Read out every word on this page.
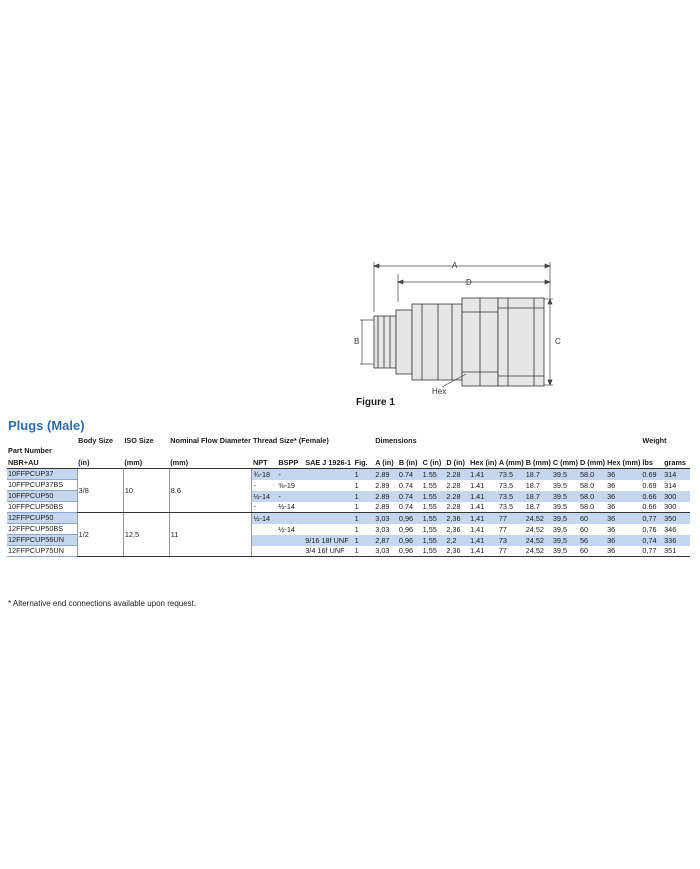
A
D
B	C
Hex
Figure 1
Plugs (Male)
	Body Size	ISO Size	Nominal Flow Diameter	Thread Size* (Female)				Dimensions										Weight	
Part Number																			
NBR+AU	(in)	(mm)	(mm)	NPT	BSPP	SAE J 1926-1	Fig.	A (in)	B (in)	C (in)	D (in)	Hex (in)	A (mm)	B (mm)	C (mm)	D (mm)	Hex (mm)	lbs	grams
10FFPCUP37	3/8	10	8.6	¾-18	-		1	2.89	0.74	1.55	2.28	1.41	73.5	18.7	39.5	58.0	36	0.69	314
10FFPCUP37BS				-	⅜-19		1	2.89	0.74	1.55	2.28	1.41	73.5	18.7	39.5	58.0	36	0.69	314
10FFPCUP50				½-14	-		1	2.89	0.74	1.55	2.28	1.41	73.5	18.7	39.5	58.0	36	0.66	300
10FFPCUP50BS				-	½-14		1	2.89	0.74	1.55	2.28	1.41	73.5	18.7	39.5	58.0	36	0.66	300
12FFPCUP50	1/2	12,5	11	½-14			1	3,03	0,96	1,55	2,36	1,41	77	24,52	39,5	60	36	0,77	350
12FFPCUP50BS					½-14		1	3,03	0,96	1,55	2,36	1,41	77	24,52	39,5	60	36	0,76	346
12FFPCUP56UN						9/16 18f UNF	1	2,87	0,96	1,55	2,2	1,41	73	24,52	39,5	56	36	0,74	336
12FFPCUP75UN						3/4 16f UNF	1	3,03	0,96	1,55	2,36	1,41	77	24,52	39,5	60	36	0,77	351
* Alternative end connections available upon request.
